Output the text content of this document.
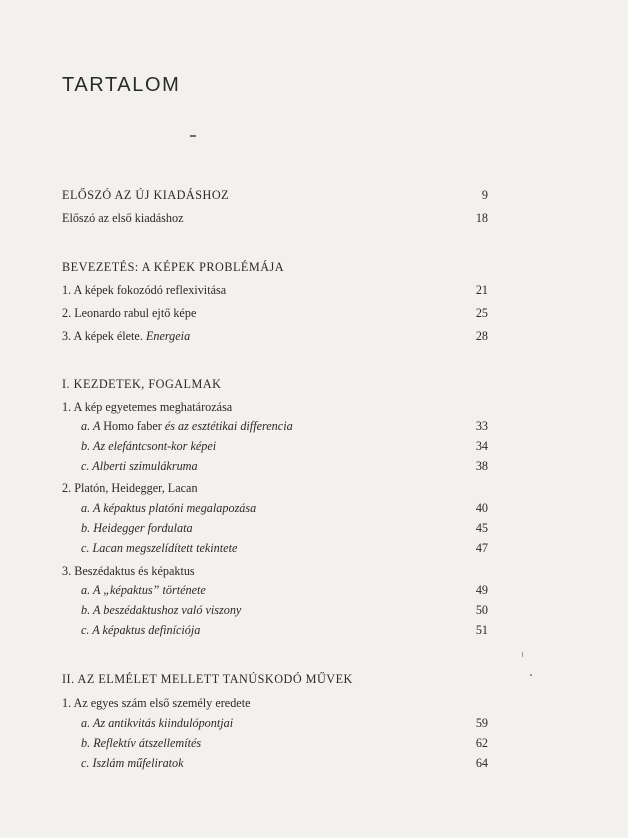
TARTALOM
ELŐSZÓ AZ ÚJ KIADÁSHOZ	9
Előszó az első kiadáshoz	18
BEVEZETÉS: A KÉPEK PROBLÉMÁJA
1. A képek fokozódó reflexivitása	21
2. Leonardo rabul ejtő képe	25
3. A képek élete. Energeia	28
I. KEZDETEK, FOGALMAK
1. A kép egyetemes meghatározása
a. A Homo faber és az esztétikai differencia	33
b. Az elefántcsont-kor képei	34
c. Alberti szimulákruma	38
2. Platón, Heidegger, Lacan
a. A képaktus platóni megalapozása	40
b. Heidegger fordulata	45
c. Lacan megszelídített tekintete	47
3. Beszédaktus és képaktus
a. A „képaktus” története	49
b. A beszédaktushoz való viszony	50
c. A képaktus definíciója	51
II. AZ ELMÉLET MELLETT TANÚSKODÓ MŰVEK
1. Az egyes szám első személy eredete
a. Az antikvitás kiindulópontjai	59
b. Reflektív átszellemítés	62
c. Iszlám műfeliratok	64
